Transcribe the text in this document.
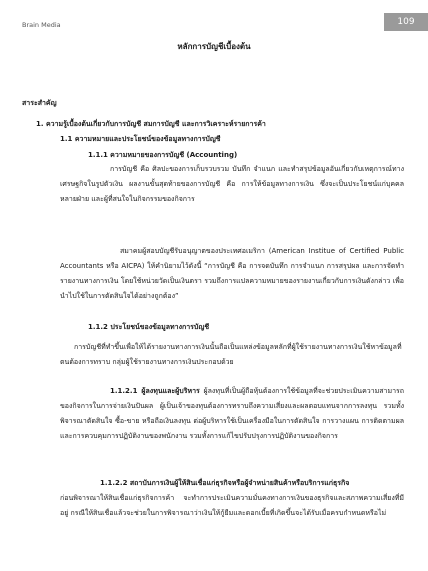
Brain Media	109
หลักการบัญชีเบื้องต้น
สาระสำคัญ
1. ความรู้เบื้องต้นเกี่ยวกับการบัญชี สมการบัญชี และการวิเคราะห์รายการค้า
1.1 ความหมายและประโยชน์ของข้อมูลทางการบัญชี
1.1.1 ความหมายของการบัญชี (Accounting)
การบัญชี คือ ศิลปะของการเก็บรวบรวม บันทึก จำแนก และทำสรุปข้อมูลอันเกี่ยวกับเหตุการณ์ทางเศรษฐกิจในรูปตัวเงิน ผลงานขั้นสุดท้ายของการบัญชี คือ การให้ข้อมูลทางการเงิน ซึ่งจะเป็นประโยชน์แก่บุคคลหลายฝ่าย และผู้ที่สนใจในกิจกรรมของกิจการ
สมาคมผู้สอบบัญชีรับอนุญาตของประเทศอเมริกา (American Institue of Certified Public Accountants หรือ AICPA) ให้คำนิยามไว้ดังนี้ “การบัญชี คือ การจดบันทึก การจำแนก การสรุปผล และการจัดทำรายงานทางการเงิน โดยใช้หน่วยวัดเป็นเงินตรา รวมถึงการแปลความหมายของรายงานเกี่ยวกับการเงินดังกล่าว เพื่อนำไปใช้ในการตัดสินใจได้อย่างถูกต้อง”
1.1.2 ประโยชน์ของข้อมูลทางการบัญชี
การบัญชีที่ทำขึ้นเพื่อให้ได้รายงานทางการเงินนั้นถือเป็นแหล่งข้อมูลหลักที่ผู้ใช้รายงานทางการเงินใช้หาข้อมูลที่ตนต้องการทราบ กลุ่มผู้ใช้รายงานทางการเงินประกอบด้วย
1.1.2.1 ผู้ลงทุนและผู้บริหาร ผู้ลงทุนที่เป็นผู้ถือหุ้นต้องการใช้ข้อมูลที่จะช่วยประเมินความสามารถของกิจการในการจ่ายเงินปันผล ผู้เป็นเจ้าของทุนต้องการทราบถึงความเสี่ยงและผลตอบแทนจากการลงทุน รวมทั้งพิจารณาตัดสินใจ ซื้อ-ขาย หรือถือเงินลงทุน ต่อผู้บริหารใช้เป็นเครื่องมือในการตัดสินใจ การวางแผน การติดตามผล และการควบคุมการปฏิบัติงานของพนักงาน รวมทั้งการแก้ไขปรับปรุงการปฏิบัติงานของกิจการ
1.1.2.2 สถาบันการเงินผู้ให้สินเชื่อแก่ธุรกิจหรือผู้จำหน่ายสินค้าหรือบริการแก่ธุรกิจ
ก่อนพิจารณาให้สินเชื่อแก่ธุรกิจการค้า จะทำการประเมินความมั่นคงทางการเงินของธุรกิจและสภาพความเสี่ยงที่มีอยู่ กรณีให้สินเชื่อแล้วจะช่วยในการพิจารณาว่าเงินให้กู้ยืมและดอกเบี้ยที่เกิดขึ้นจะได้รับเมื่อครบกำหนดหรือไม่
